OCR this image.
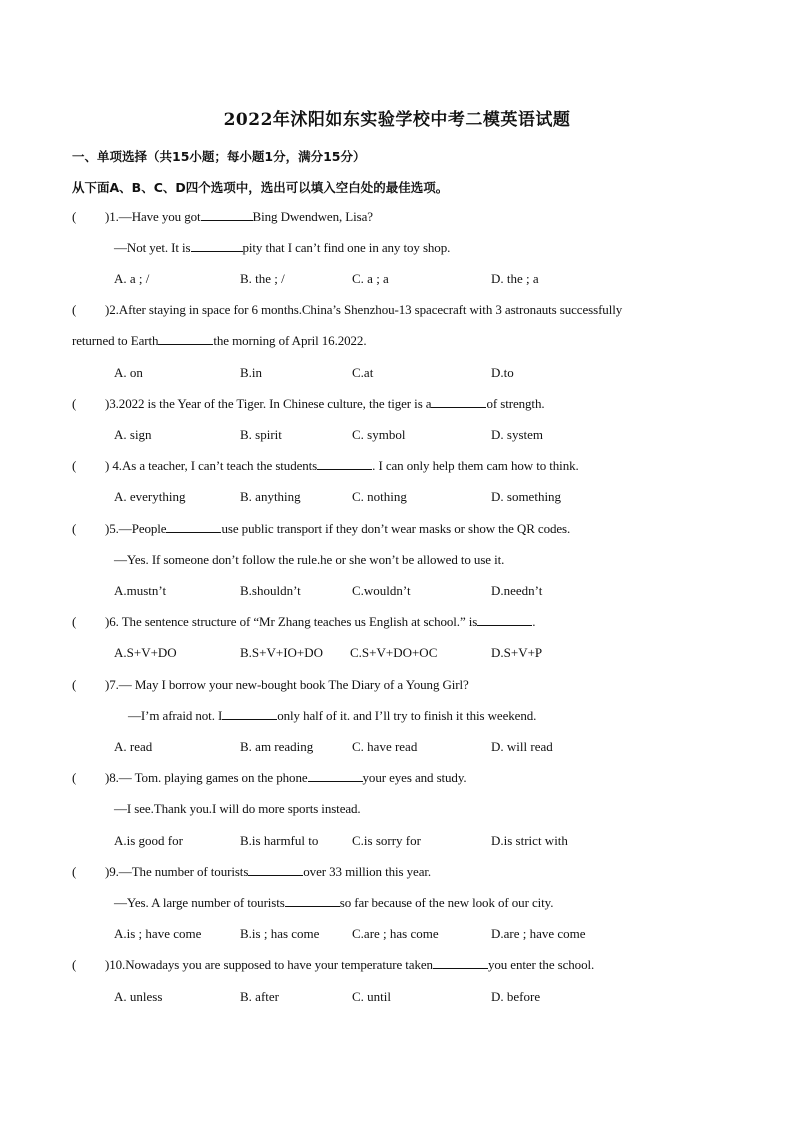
2022年沭阳如东实验学校中考二模英语试题
一、单项选择（共15小题；每小题1分，满分15分）
从下面A、B、C、D四个选项中，选出可以填入空白处的最佳选项。
( )1.—Have you got	Bing Dwendwen, Lisa?
—Not yet. It is	pity that I can’t find one in any toy shop.
A. a ; /	B. the ; /	C. a ; a	D. the ; a
( )2.After staying in space for 6 months.China’s Shenzhou-13 spacecraft with 3 astronauts successfully
returned to Earth	the morning of April 16.2022.
A. on	B.in	C.at	D.to
( )3.2022 is the Year of the Tiger. In Chinese culture, the tiger is a	of strength.
A. sign	B. spirit	C. symbol	D. system
( ) 4.As a teacher, I can’t teach the students	. I can only help them cam how to think.
A. everything	B. anything	C. nothing	D. something
( )5.—People	use public transport if they don’t wear masks or show the QR codes.
—Yes. If someone don’t follow the rule.he or she won’t be allowed to use it.
A.mustn’t	B.shouldn’t	C.wouldn’t	D.needn’t
( )6. The sentence structure of “Mr Zhang teaches us English at school.” is	.
A.S+V+DO	B.S+V+IO+DO C.S+V+DO+OC	D.S+V+P
( )7.— May I borrow your new-bought book The Diary of a Young Girl?
—I’m afraid not. I	only half of it. and I’ll try to finish it this weekend.
A. read	B. am reading	C. have read	D. will read
( )8.— Tom. playing games on the phone	your eyes and study.
—I see.Thank you.I will do more sports instead.
A.is good for	B.is harmful to	C.is sorry for	D.is strict with
( )9.—The number of tourists	over 33 million this year.
—Yes. A large number of tourists	so far because of the new look of our city.
A.is ; have come	B.is ; has come	C.are ; has come	D.are ; have come
( )10.Nowadays you are supposed to have your temperature taken	you enter the school.
A. unless	B. after	C. until	D. before
